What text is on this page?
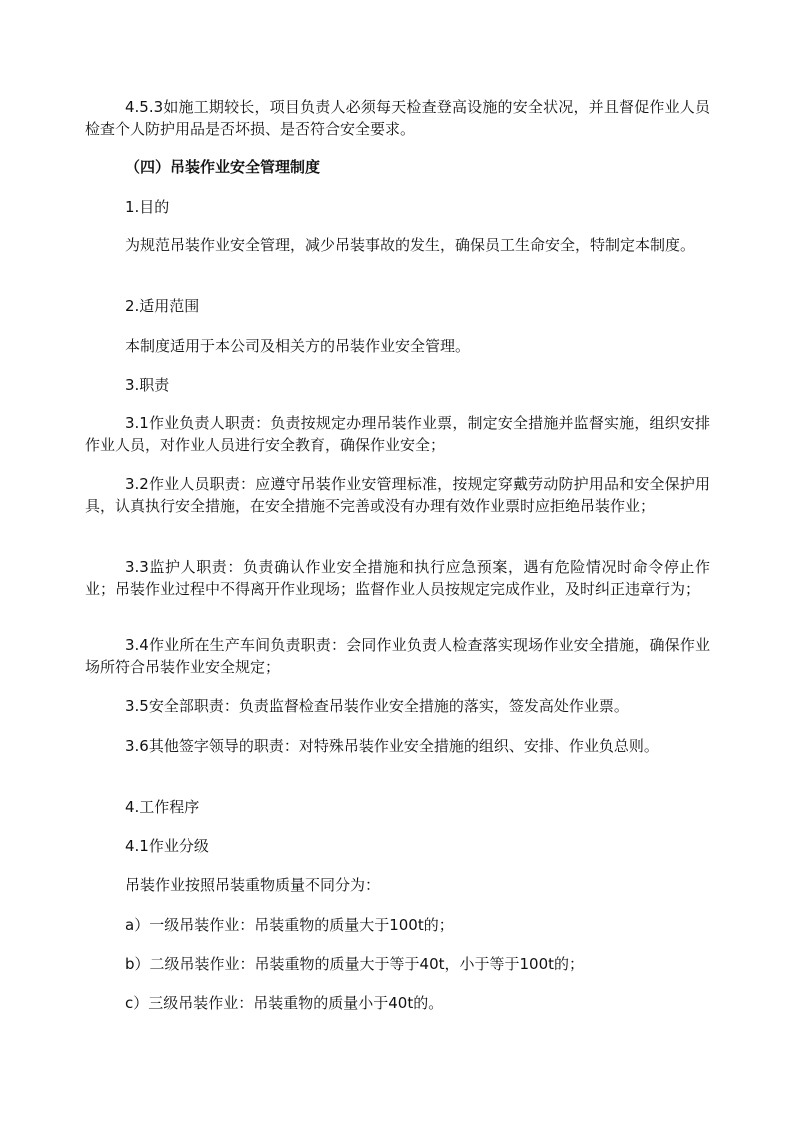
4.5.3如施工期较长，项目负责人必须每天检查登高设施的安全状况，并且督促作业人员检查个人防护用品是否坏损、是否符合安全要求。

（四）吊装作业安全管理制度

1.目的

为规范吊装作业安全管理，减少吊装事故的发生，确保员工生命安全，特制定本制度。

2.适用范围

本制度适用于本公司及相关方的吊装作业安全管理。

3.职责

3.1作业负责人职责：负责按规定办理吊装作业票，制定安全措施并监督实施，组织安排作业人员，对作业人员进行安全教育，确保作业安全；

3.2作业人员职责：应遵守吊装作业安管理标准，按规定穿戴劳动防护用品和安全保护用具，认真执行安全措施，在安全措施不完善或没有办理有效作业票时应拒绝吊装作业；

3.3监护人职责：负责确认作业安全措施和执行应急预案，遇有危险情况时命令停止作业；吊装作业过程中不得离开作业现场；监督作业人员按规定完成作业，及时纠正违章行为；

3.4作业所在生产车间负责职责：会同作业负责人检查落实现场作业安全措施，确保作业场所符合吊装作业安全规定；

3.5安全部职责：负责监督检查吊装作业安全措施的落实，签发高处作业票。

3.6其他签字领导的职责：对特殊吊装作业安全措施的组织、安排、作业负总则。

4.工作程序

4.1作业分级

吊装作业按照吊装重物质量不同分为：

a）一级吊装作业：吊装重物的质量大于100t的；

b）二级吊装作业：吊装重物的质量大于等于40t，小于等于100t的；

c）三级吊装作业：吊装重物的质量小于40t的。
